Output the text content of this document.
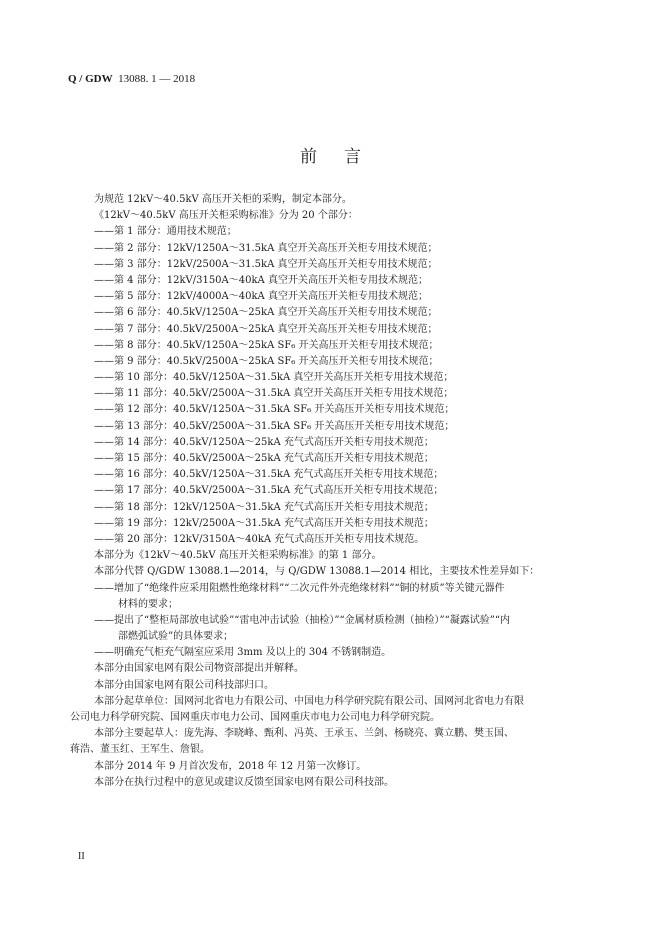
Q / GDW 13088. 1 — 2018
前 言
为规范 12kV～40.5kV 高压开关柜的采购，制定本部分。
《12kV～40.5kV 高压开关柜采购标准》分为 20 个部分：
——第 1 部分：通用技术规范；
——第 2 部分：12kV/1250A～31.5kA 真空开关高压开关柜专用技术规范；
——第 3 部分：12kV/2500A～31.5kA 真空开关高压开关柜专用技术规范；
——第 4 部分：12kV/3150A～40kA 真空开关高压开关柜专用技术规范；
——第 5 部分：12kV/4000A～40kA 真空开关高压开关柜专用技术规范；
——第 6 部分：40.5kV/1250A～25kA 真空开关高压开关柜专用技术规范；
——第 7 部分：40.5kV/2500A～25kA 真空开关高压开关柜专用技术规范；
——第 8 部分：40.5kV/1250A～25kA SF₆ 开关高压开关柜专用技术规范；
——第 9 部分：40.5kV/2500A～25kA SF₆ 开关高压开关柜专用技术规范；
——第 10 部分：40.5kV/1250A～31.5kA 真空开关高压开关柜专用技术规范；
——第 11 部分：40.5kV/2500A～31.5kA 真空开关高压开关柜专用技术规范；
——第 12 部分：40.5kV/1250A～31.5kA SF₆ 开关高压开关柜专用技术规范；
——第 13 部分：40.5kV/2500A～31.5kA SF₆ 开关高压开关柜专用技术规范；
——第 14 部分：40.5kV/1250A～25kA 充气式高压开关柜专用技术规范；
——第 15 部分：40.5kV/2500A～25kA 充气式高压开关柜专用技术规范；
——第 16 部分：40.5kV/1250A～31.5kA 充气式高压开关柜专用技术规范；
——第 17 部分：40.5kV/2500A～31.5kA 充气式高压开关柜专用技术规范；
——第 18 部分：12kV/1250A～31.5kA 充气式高压开关柜专用技术规范；
——第 19 部分：12kV/2500A～31.5kA 充气式高压开关柜专用技术规范；
——第 20 部分：12kV/3150A～40kA 充气式高压开关柜专用技术规范。
本部分为《12kV～40.5kV 高压开关柜采购标准》的第 1 部分。
本部分代替 Q/GDW 13088.1—2014，与 Q/GDW 13088.1—2014 相比，主要技术性差异如下：
——增加了“绝缘件应采用阻燃性绝缘材料”“二次元件外壳绝缘材料”“铜的材质”等关键元器件
材料的要求；
——提出了“整柜局部放电试验”“雷电冲击试验（抽检）”“金属材质检测（抽检）”“凝露试验”“内
部燃弧试验”的具体要求；
——明确充气柜充气隔室应采用 3mm 及以上的 304 不锈钢制造。
本部分由国家电网有限公司物资部提出并解释。
本部分由国家电网有限公司科技部归口。
本部分起草单位：国网河北省电力有限公司、中国电力科学研究院有限公司、国网河北省电力有限
公司电力科学研究院、国网重庆市电力公司、国网重庆市电力公司电力科学研究院。
本部分主要起草人：庞先海、李晓峰、甄利、冯英、王承玉、兰剑、杨晓亮、冀立鹏、樊玉国、
蒋浩、董玉红、王军生、詹银。
本部分 2014 年 9 月首次发布，2018 年 12 月第一次修订。
本部分在执行过程中的意见或建议反馈至国家电网有限公司科技部。
II
